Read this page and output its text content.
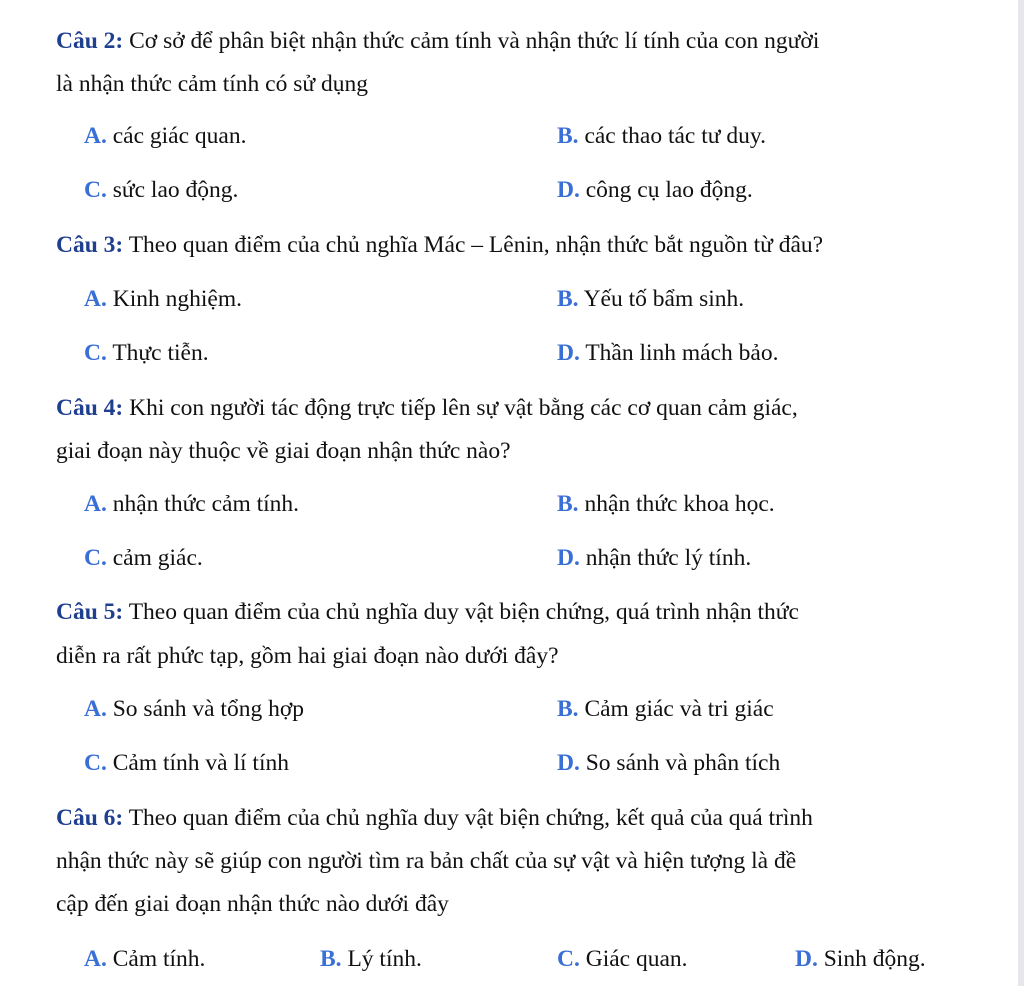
Câu 2: Cơ sở để phân biệt nhận thức cảm tính và nhận thức lí tính của con người
là nhận thức cảm tính có sử dụng
A. các giác quan.	B. các thao tác tư duy.
C. sức lao động.	D. công cụ lao động.
Câu 3: Theo quan điểm của chủ nghĩa Mác – Lênin, nhận thức bắt nguồn từ đâu?
A. Kinh nghiệm.	B. Yếu tố bẩm sinh.
C. Thực tiễn.	D. Thần linh mách bảo.
Câu 4: Khi con người tác động trực tiếp lên sự vật bằng các cơ quan cảm giác,
giai đoạn này thuộc về giai đoạn nhận thức nào?
A. nhận thức cảm tính.	B. nhận thức khoa học.
C. cảm giác.	D. nhận thức lý tính.
Câu 5: Theo quan điểm của chủ nghĩa duy vật biện chứng, quá trình nhận thức
diễn ra rất phức tạp, gồm hai giai đoạn nào dưới đây?
A. So sánh và tổng hợp	B. Cảm giác và tri giác
C. Cảm tính và lí tính	D. So sánh và phân tích
Câu 6: Theo quan điểm của chủ nghĩa duy vật biện chứng, kết quả của quá trình
nhận thức này sẽ giúp con người tìm ra bản chất của sự vật và hiện tượng là đề
cập đến giai đoạn nhận thức nào dưới đây
A. Cảm tính.	B. Lý tính.	C. Giác quan.	D. Sinh động.
